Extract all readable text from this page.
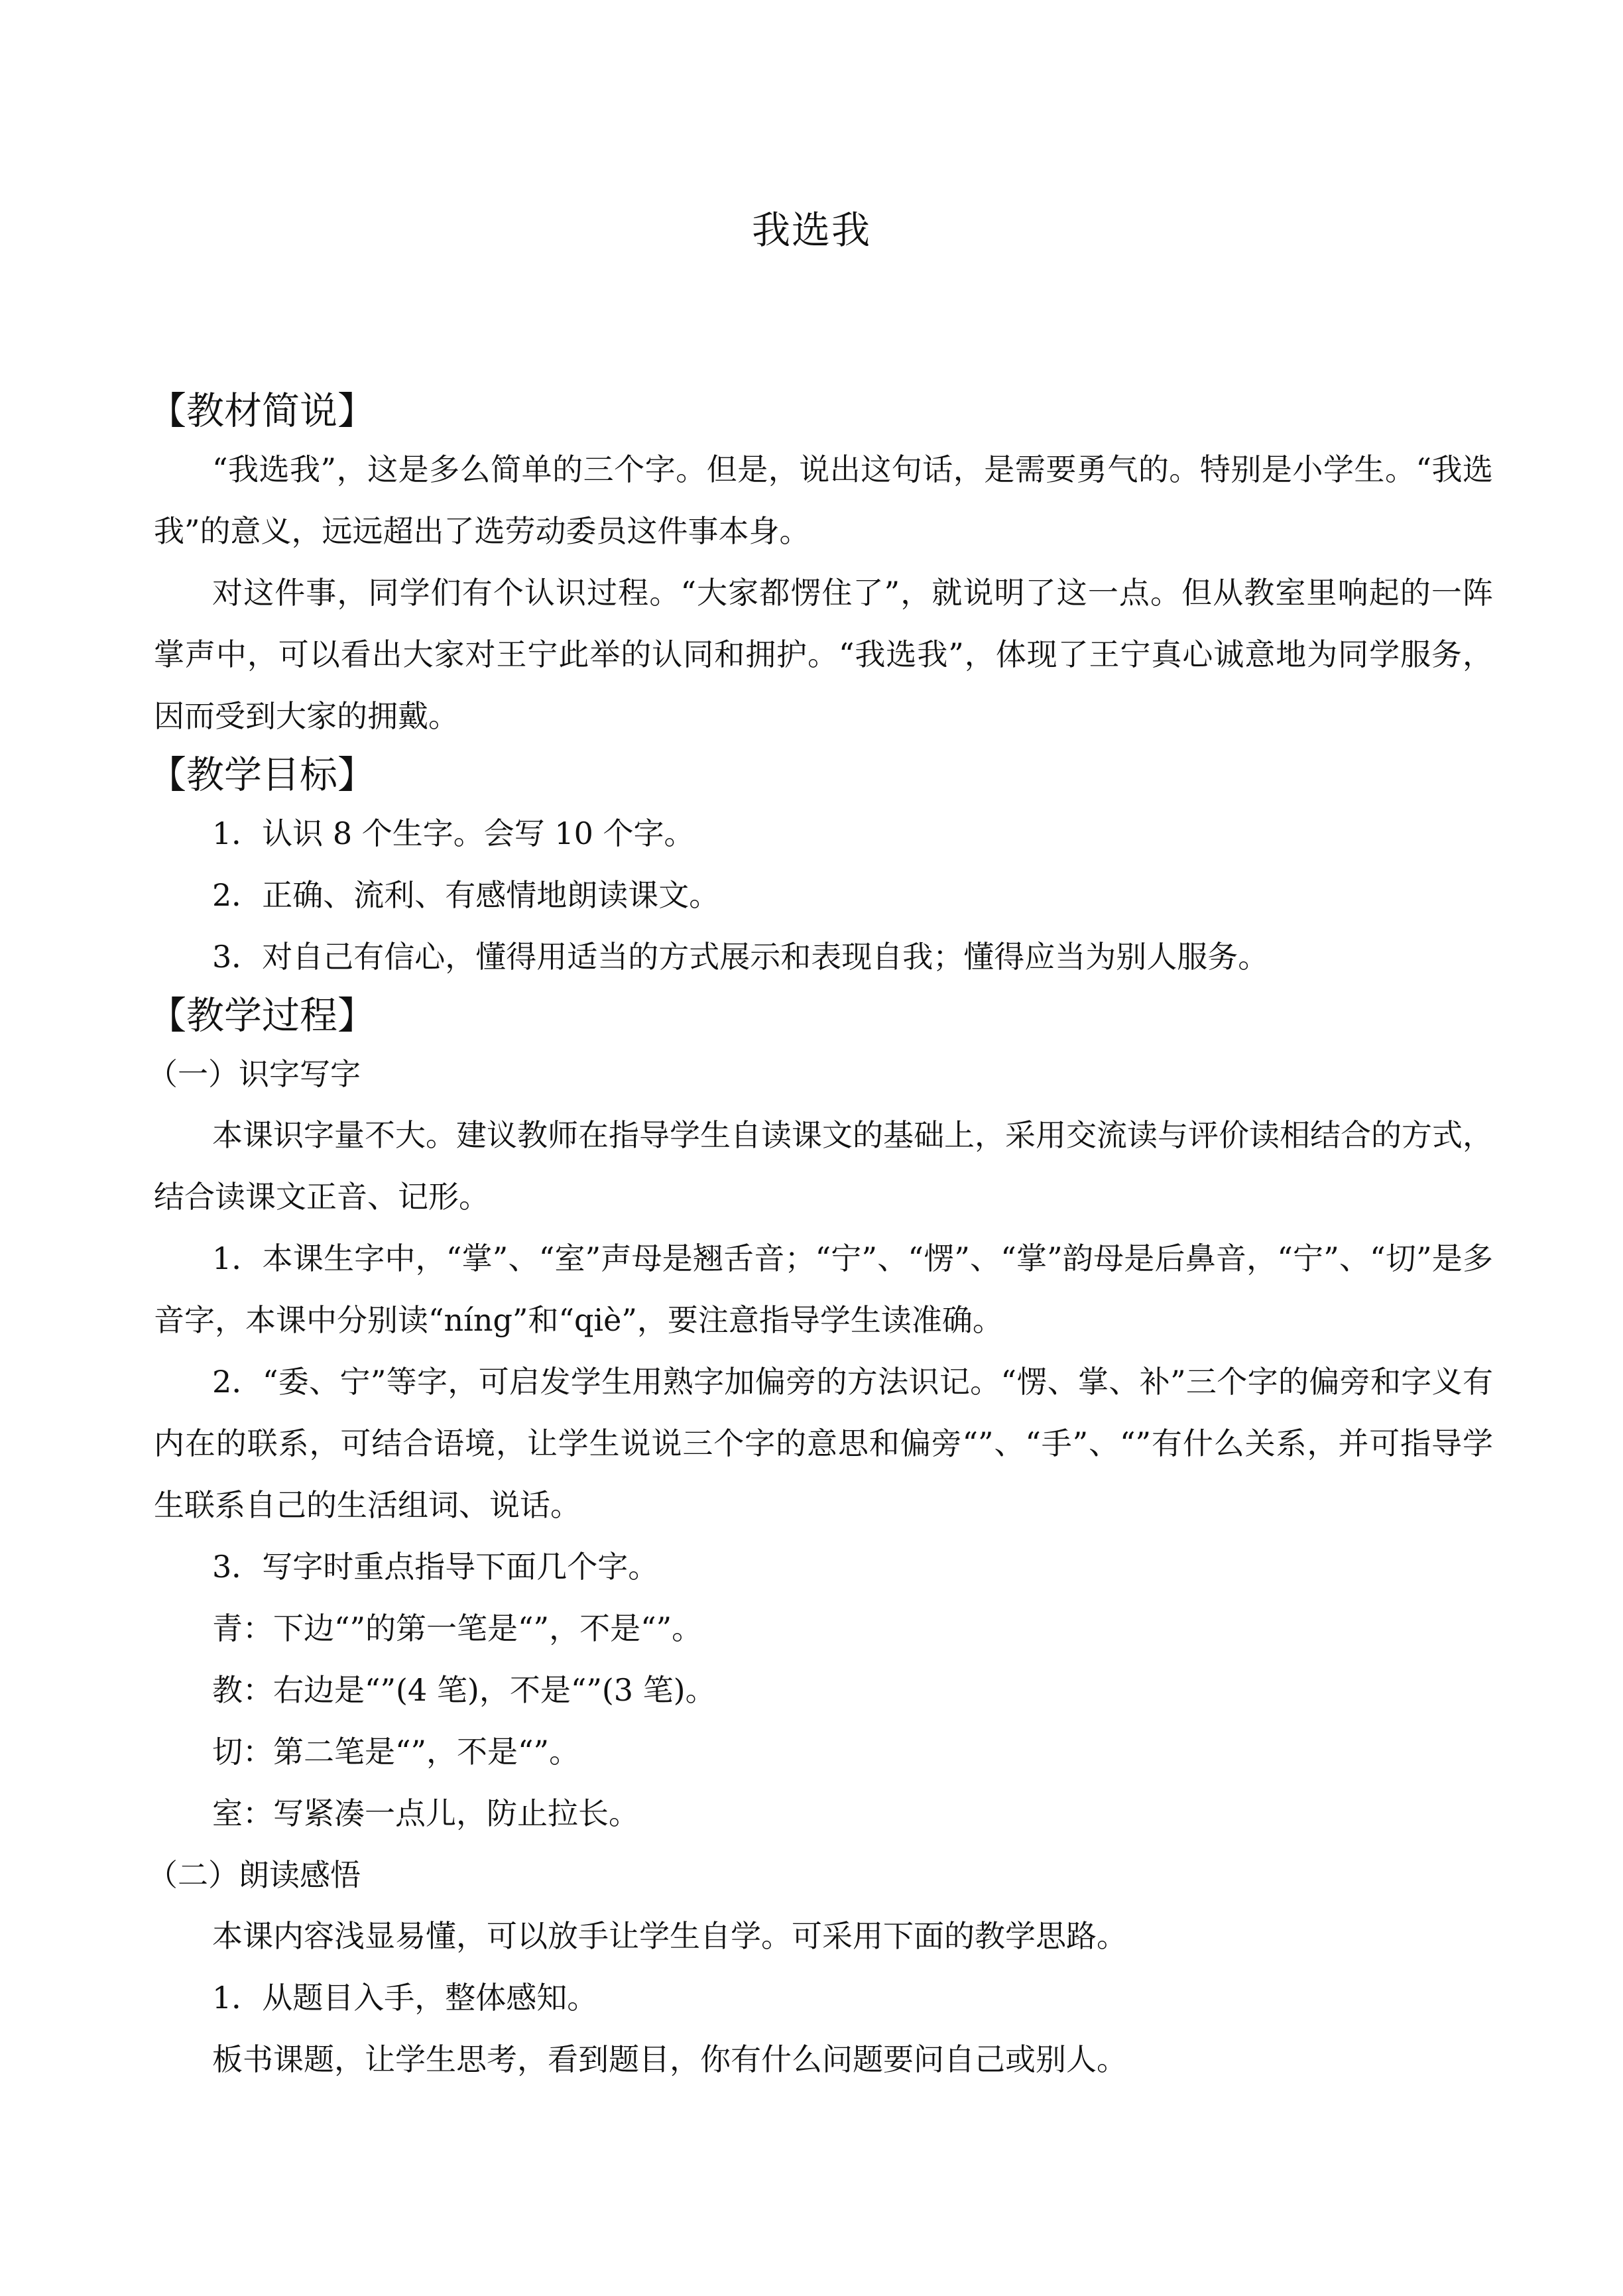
我选我
【教材简说】

“我选我”，这是多么简单的三个字。但是，说出这句话，是需要勇气的。特别是小学生。“我选我”的意义，远远超出了选劳动委员这件事本身。

对这件事，同学们有个认识过程。“大家都愣住了”，就说明了这一点。但从教室里响起的一阵掌声中，可以看出大家对王宁此举的认同和拥护。“我选我”，体现了王宁真心诚意地为同学服务，因而受到大家的拥戴。

【教学目标】
1．认识 8 个生字。会写 10 个字。
2．正确、流利、有感情地朗读课文。
3．对自己有信心，懂得用适当的方式展示和表现自我；懂得应当为别人服务。
【教学过程】
（一）识字写字

本课识字量不大。建议教师在指导学生自读课文的基础上，采用交流读与评价读相结合的方式，结合读课文正音、记形。

1．本课生字中，“掌”、“室”声母是翘舌音；“宁”、“愣”、“掌”韵母是后鼻音，“宁”、“切”是多音字，本课中分别读“níng”和“qiè”，要注意指导学生读准确。

2．“委、宁”等字，可启发学生用熟字加偏旁的方法识记。“愣、掌、补”三个字的偏旁和字义有内在的联系，可结合语境，让学生说说三个字的意思和偏旁“”、“手”、“”有什么关系，并可指导学生联系自己的生活组词、说话。

3．写字时重点指导下面几个字。
青：下边“”的第一笔是“”，不是“”。
教：右边是“”(4 笔)，不是“”(3 笔)。
切：第二笔是“”，不是“”。
室：写紧凑一点儿，防止拉长。
（二）朗读感悟
本课内容浅显易懂，可以放手让学生自学。可采用下面的教学思路。
1．从题目入手，整体感知。
板书课题，让学生思考，看到题目，你有什么问题要问自己或别人。
